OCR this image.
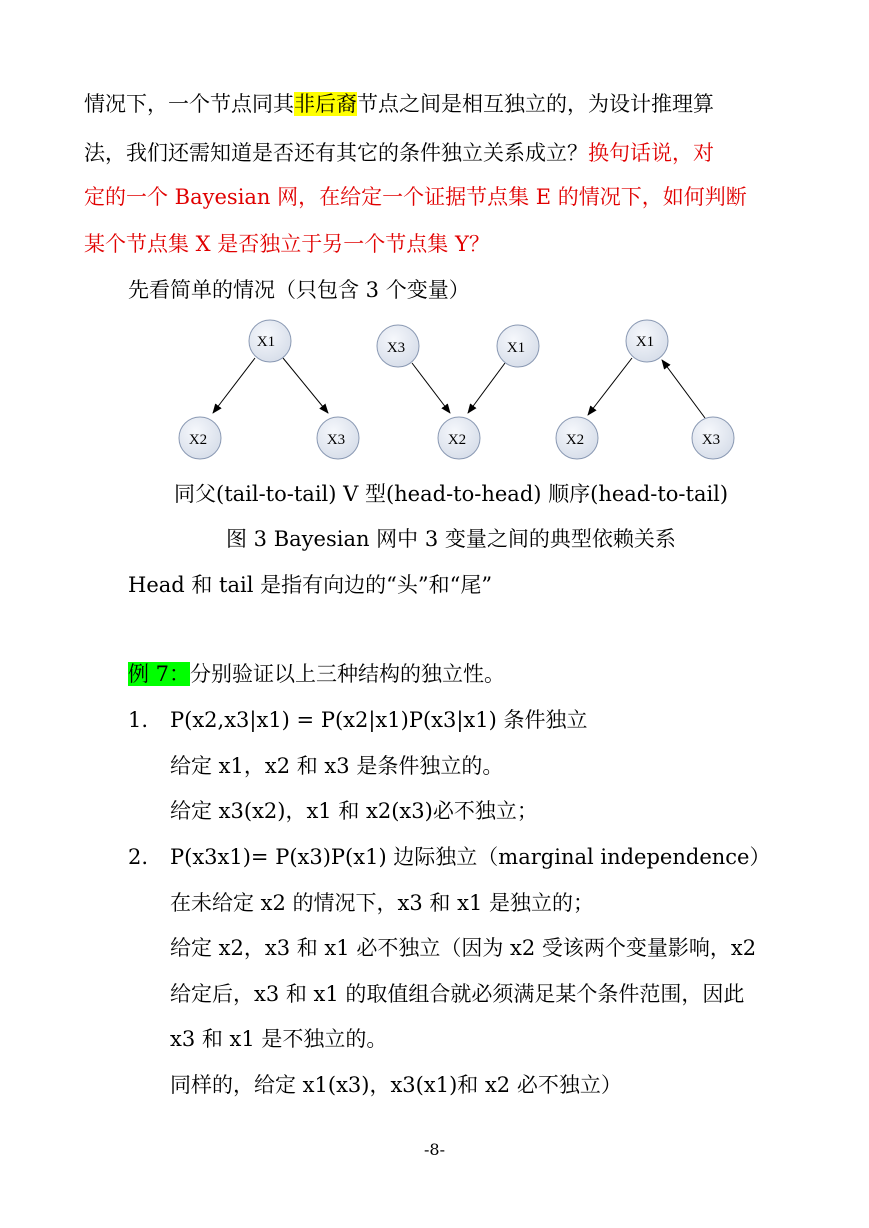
情况下，一个节点同其非后裔节点之间是相互独立的，为设计推理算
法，我们还需知道是否还有其它的条件独立关系成立？换句话说，对
定的一个 Bayesian 网，在给定一个证据节点集 E 的情况下，如何判断
某个节点集 X 是否独立于另一个节点集 Y？
先看简单的情况（只包含 3 个变量）
X1
X2	X3
X3	X1
X2
X1
X2	X3
同父(tail-to-tail) V 型(head-to-head) 顺序(head-to-tail)
图 3 Bayesian 网中 3 变量之间的典型依赖关系
Head 和 tail 是指有向边的“头”和“尾”
例 7：分别验证以上三种结构的独立性。
1. P(x2,x3|x1) = P(x2|x1)P(x3|x1) 条件独立
给定 x1，x2 和 x3 是条件独立的。
给定 x3(x2)，x1 和 x2(x3)必不独立；
2. P(x3x1)= P(x3)P(x1) 边际独立（marginal independence）
在未给定 x2 的情况下，x3 和 x1 是独立的；
给定 x2，x3 和 x1 必不独立（因为 x2 受该两个变量影响，x2
给定后，x3 和 x1 的取值组合就必须满足某个条件范围，因此
x3 和 x1 是不独立的。
同样的，给定 x1(x3)，x3(x1)和 x2 必不独立）
-8-
